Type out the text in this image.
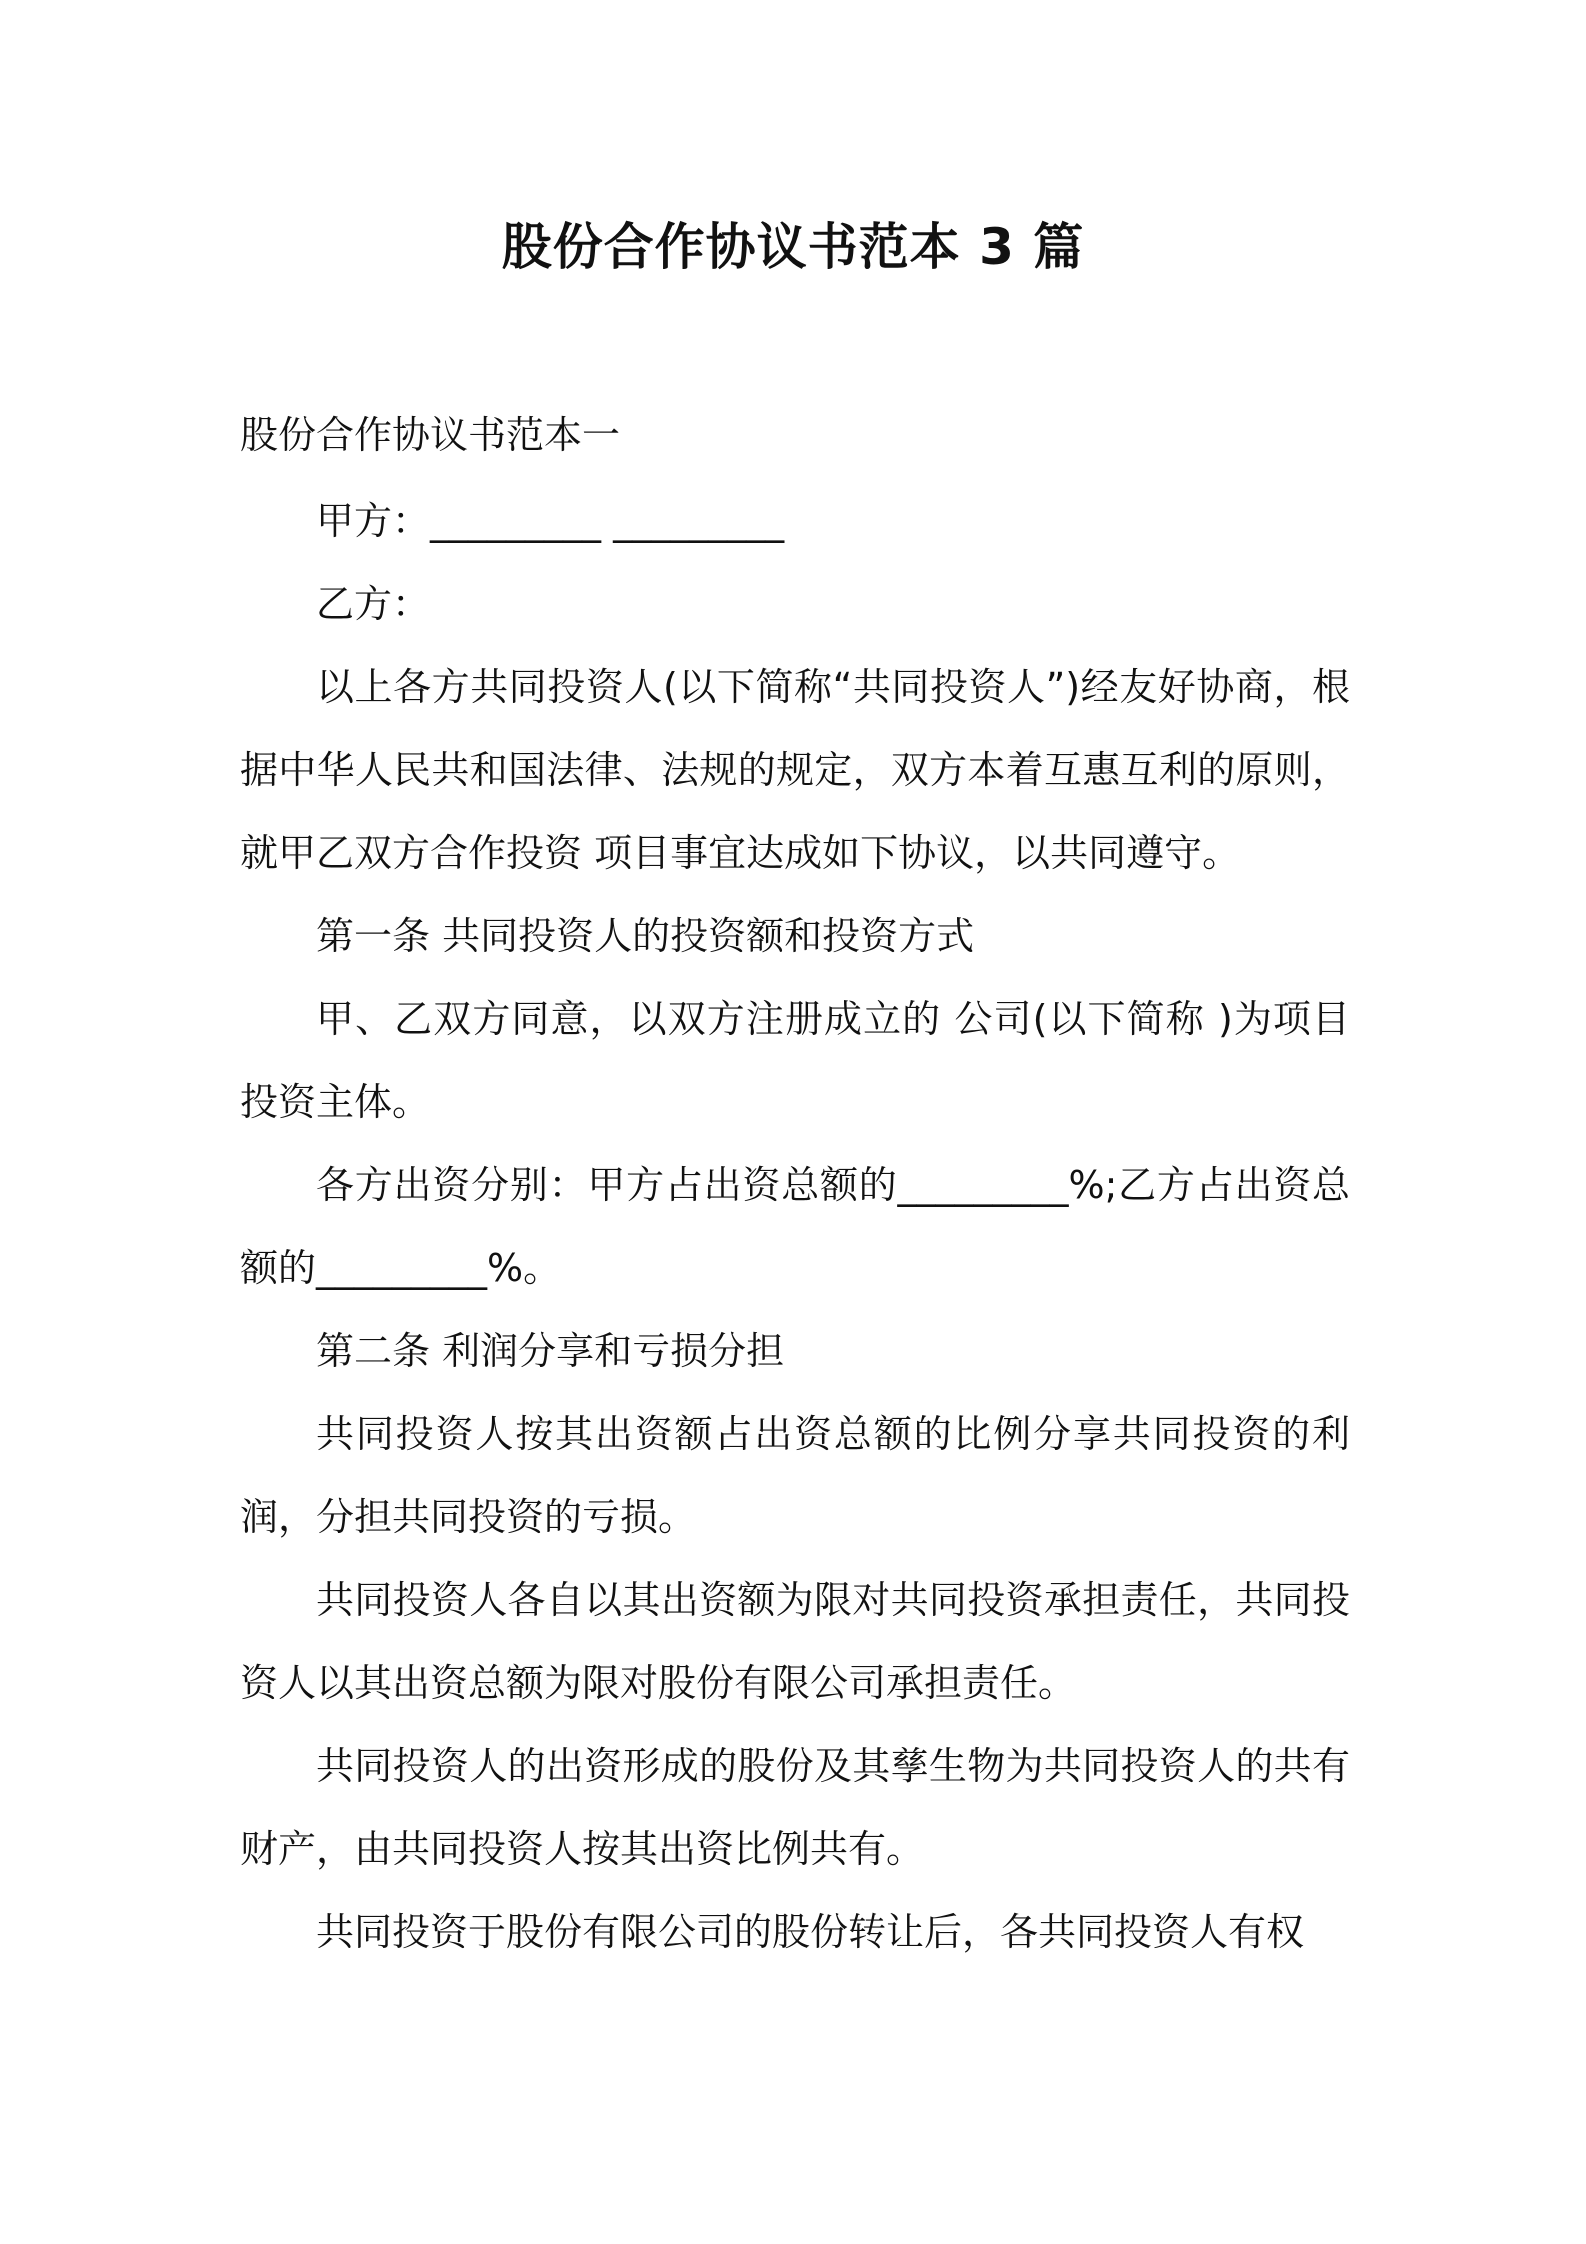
股份合作协议书范本 3 篇
股份合作协议书范本一

甲方：_________ _________

乙方：

以上各方共同投资人(以下简称“共同投资人”)经友好协商，根据中华人民共和国法律、法规的规定，双方本着互惠互利的原则，就甲乙双方合作投资 项目事宜达成如下协议，以共同遵守。

第一条 共同投资人的投资额和投资方式

甲、乙双方同意，以双方注册成立的 公司(以下简称 )为项目投资主体。

各方出资分别：甲方占出资总额的_________%;乙方占出资总额的_________%。

第二条 利润分享和亏损分担

共同投资人按其出资额占出资总额的比例分享共同投资的利润，分担共同投资的亏损。

共同投资人各自以其出资额为限对共同投资承担责任，共同投资人以其出资总额为限对股份有限公司承担责任。

共同投资人的出资形成的股份及其孳生物为共同投资人的共有财产，由共同投资人按其出资比例共有。

共同投资于股份有限公司的股份转让后，各共同投资人有权
